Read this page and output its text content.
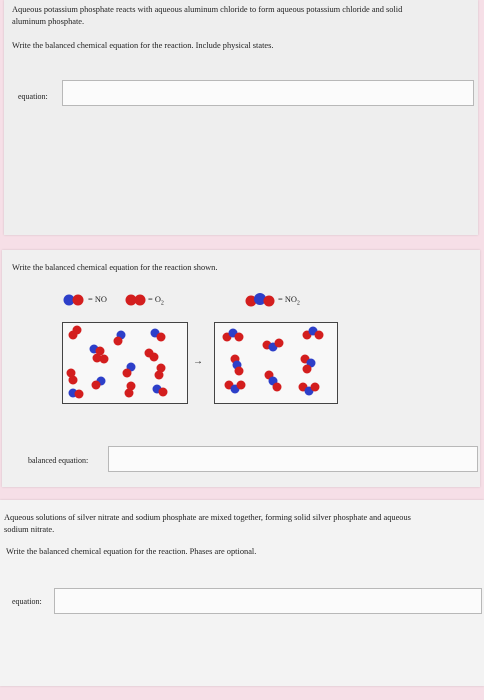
Aqueous potassium phosphate reacts with aqueous aluminum chloride to form aqueous potassium chloride and solid
aluminum phosphate.
Write the balanced chemical equation for the reaction. Include physical states.
equation:
Write the balanced chemical equation for the reaction shown.
= NO	= $O_2$	= $NO_2$
→
balanced equation:
Aqueous solutions of silver nitrate and sodium phosphate are mixed together, forming solid silver phosphate and aqueous
sodium nitrate.
Write the balanced chemical equation for the reaction. Phases are optional.
equation:
